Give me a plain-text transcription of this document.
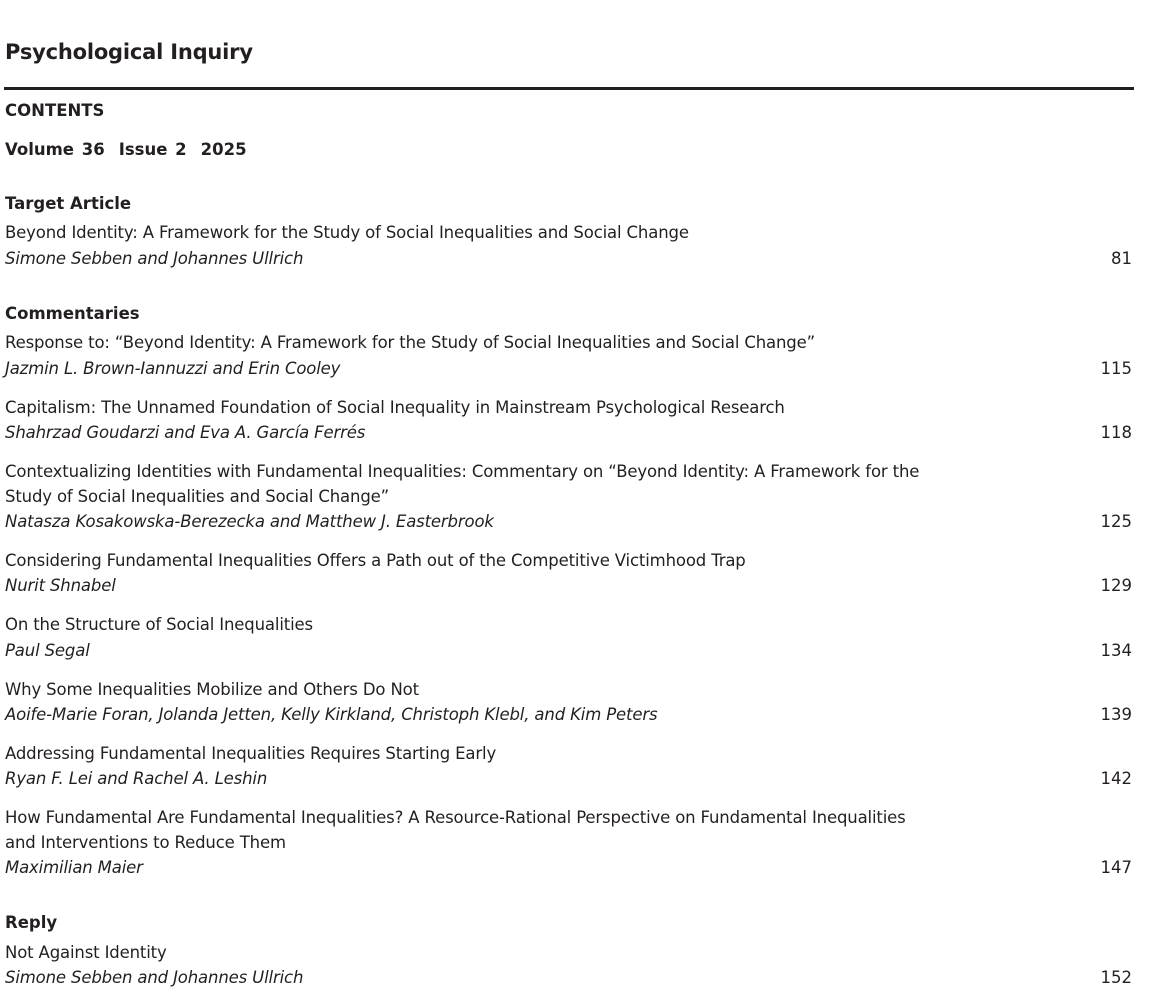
Psychological Inquiry
CONTENTS
Volume 36 Issue 2 2025
Target Article
Beyond Identity: A Framework for the Study of Social Inequalities and Social Change
Simone Sebben and Johannes Ullrich	81
Commentaries
Response to: “Beyond Identity: A Framework for the Study of Social Inequalities and Social Change”
Jazmin L. Brown-Iannuzzi and Erin Cooley	115
Capitalism: The Unnamed Foundation of Social Inequality in Mainstream Psychological Research
Shahrzad Goudarzi and Eva A. García Ferrés	118
Contextualizing Identities with Fundamental Inequalities: Commentary on “Beyond Identity: A Framework for the
Study of Social Inequalities and Social Change”
Natasza Kosakowska-Berezecka and Matthew J. Easterbrook	125
Considering Fundamental Inequalities Offers a Path out of the Competitive Victimhood Trap
Nurit Shnabel	129
On the Structure of Social Inequalities
Paul Segal	134
Why Some Inequalities Mobilize and Others Do Not
Aoife-Marie Foran, Jolanda Jetten, Kelly Kirkland, Christoph Klebl, and Kim Peters	139
Addressing Fundamental Inequalities Requires Starting Early
Ryan F. Lei and Rachel A. Leshin	142
How Fundamental Are Fundamental Inequalities? A Resource-Rational Perspective on Fundamental Inequalities
and Interventions to Reduce Them
Maximilian Maier	147
Reply
Not Against Identity
Simone Sebben and Johannes Ullrich	152
